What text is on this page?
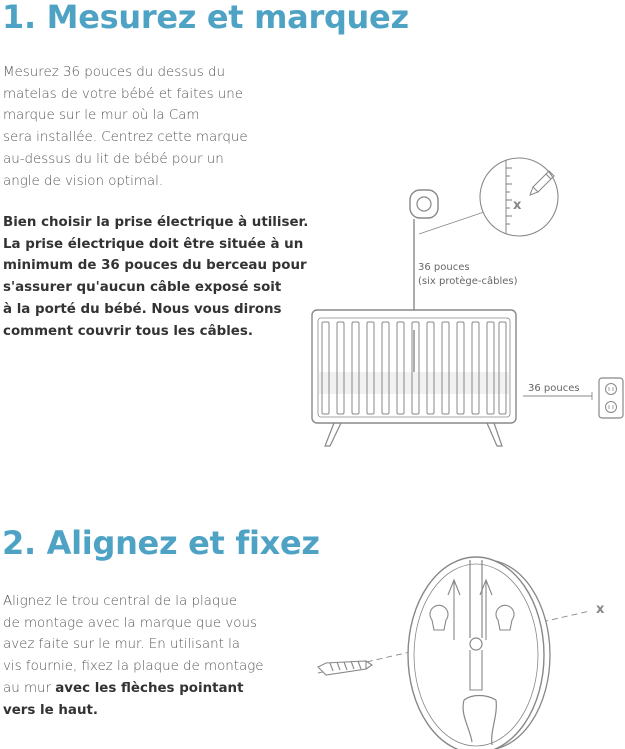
1. Mesurez et marquez

Mesurez 36 pouces du dessus du
matelas de votre bébé et faites une
marque sur le mur où la Cam
sera installée. Centrez cette marque
au-dessus du lit de bébé pour un
angle de vision optimal.

Bien choisir la prise électrique à utiliser.
La prise électrique doit être située à un
minimum de 36 pouces du berceau pour
s'assurer qu'aucun câble exposé soit
à la porté du bébé. Nous vous dirons
comment couvrir tous les câbles.

2. Alignez et fixez

Alignez le trou central de la plaque
de montage avec la marque que vous
avez faite sur le mur. En utilisant la
vis fournie, fixez la plaque de montage
au mur avec les flèches pointant
vers le haut.

x
36 pouces
(six protège-câbles)
36 pouces
x
